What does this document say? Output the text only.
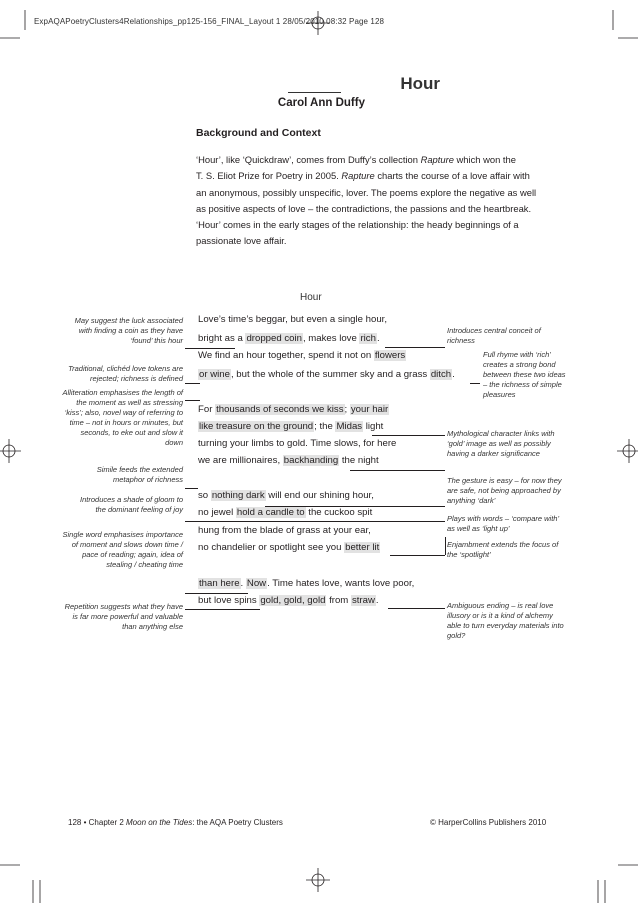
ExpAQAPoetryClusters4Relationships_pp125-156_FINAL_Layout 1 28/05/2010 08:32 Page 128
Hour
Carol Ann Duffy
Background and Context
‘Hour’, like ‘Quickdraw’, comes from Duffy’s collection Rapture which won the
T. S. Eliot Prize for Poetry in 2005. Rapture charts the course of a love affair with
an anonymous, possibly unspecific, lover. The poems explore the negative as well
as positive aspects of love – the contradictions, the passions and the heartbreak.
‘Hour’ comes in the early stages of the relationship: the heady beginnings of a
passionate love affair.
Hour
Love’s time’s beggar, but even a single hour,
bright as a dropped coin, makes love rich.
We find an hour together, spend it not on flowers
or wine, but the whole of the summer sky and a grass ditch.
For thousands of seconds we kiss; your hair
like treasure on the ground; the Midas light
turning your limbs to gold. Time slows, for here
we are millionaires, backhanding the night
so nothing dark will end our shining hour,
no jewel hold a candle to the cuckoo spit
hung from the blade of grass at your ear,
no chandelier or spotlight see you better lit
than here. Now. Time hates love, wants love poor,
but love spins gold, gold, gold from straw.
May suggest the luck associated with finding a coin as they have ‘found’ this hour
Traditional, clichéd love tokens are rejected; richness is defined
Alliteration emphasises the length of the moment as well as stressing ‘kiss’; also, novel way of referring to time – not in hours or minutes, but seconds, to eke out and slow it down
Simile feeds the extended metaphor of richness
Introduces a shade of gloom to the dominant feeling of joy
Single word emphasises importance of moment and slows down time / pace of reading; again, idea of stealing / cheating time
Repetition suggests what they have is far more powerful and valuable than anything else
Introduces central conceit of richness
Full rhyme with ‘rich’ creates a strong bond between these two ideas – the richness of simple pleasures
Mythological character links with ‘gold’ image as well as possibly having a darker significance
The gesture is easy – for now they are safe, not being approached by anything ‘dark’
Plays with words – ‘compare with’ as well as ‘light up’
Enjambment extends the focus of the ‘spotlight’
Ambiguous ending – is real love illusory or is it a kind of alchemy able to turn everyday materials into gold?
128 • Chapter 2 Moon on the Tides: the AQA Poetry Clusters	© HarperCollins Publishers 2010
